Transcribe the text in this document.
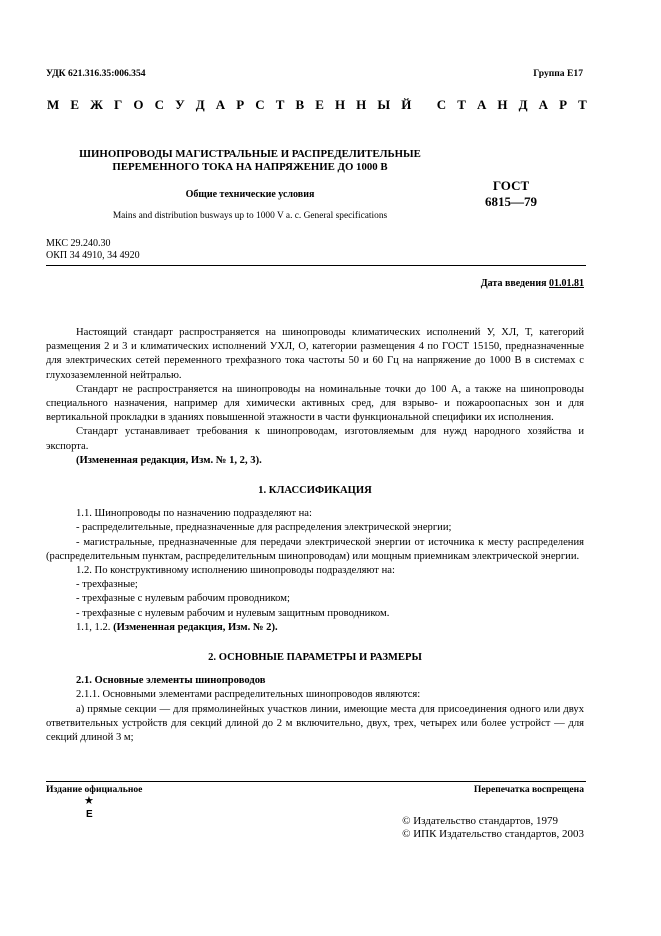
УДК 621.316.35:006.354	Группа Е17
М Е Ж Г О С У Д А Р С Т В Е Н Н Ы Й
С Т А Н Д А Р Т
ШИНОПРОВОДЫ МАГИСТРАЛЬНЫЕ И РАСПРЕДЕЛИТЕЛЬНЫЕ
ПЕРЕМЕННОГО ТОКА НА НАПРЯЖЕНИЕ ДО 1000 В
Общие технические условия
Mains and distribution busways up to 1000 V a. c. General specifications
ГОСТ
6815—79
МКС 29.240.30
ОКП 34 4910, 34 4920
Дата введения 01.01.81

Настоящий стандарт распространяется на шинопроводы климатических исполнений У, ХЛ, Т, категорий размещения 2 и 3 и климатических исполнений УХЛ, О, категории размещения 4 по ГОСТ 15150, предназначенные для электрических сетей переменного трехфазного тока частоты 50 и 60 Гц на напряжение до 1000 В в системах с глухозаземленной нейтралью.

Стандарт не распространяется на шинопроводы на номинальные точки до 100 А, а также на шинопроводы специального назначения, например для химически активных сред, для взрыво- и пожароопасных зон и для вертикальной прокладки в зданиях повышенной этажности в части функциональной специфики их исполнения.

Стандарт устанавливает требования к шинопроводам, изготовляемым для нужд народного хозяйства и экспорта.

(Измененная редакция, Изм. № 1, 2, 3).

1. КЛАССИФИКАЦИЯ

1.1. Шинопроводы по назначению подразделяют на:

- распределительные, предназначенные для распределения электрической энергии;

- магистральные, предназначенные для передачи электрической энергии от источника к месту распределения (распределительным пунктам, распределительным шинопроводам) или мощным приемникам электрической энергии.

1.2. По конструктивному исполнению шинопроводы подразделяют на:

- трехфазные;

- трехфазные с нулевым рабочим проводником;

- трехфазные с нулевым рабочим и нулевым защитным проводником.

1.1, 1.2. (Измененная редакция, Изм. № 2).

2. ОСНОВНЫЕ ПАРАМЕТРЫ И РАЗМЕРЫ

2.1. Основные элементы шинопроводов

2.1.1. Основными элементами распределительных шинопроводов являются:

а) прямые секции — для прямолинейных участков линии, имеющие места для присоединения одного или двух ответвительных устройств для секций длиной до 2 м включительно, двух, трех, четырех или более устройст — для секций длиной 3 м;

Издание официальное	Перепечатка воспрещена
★
Е
© Издательство стандартов, 1979
© ИПК Издательство стандартов, 2003
